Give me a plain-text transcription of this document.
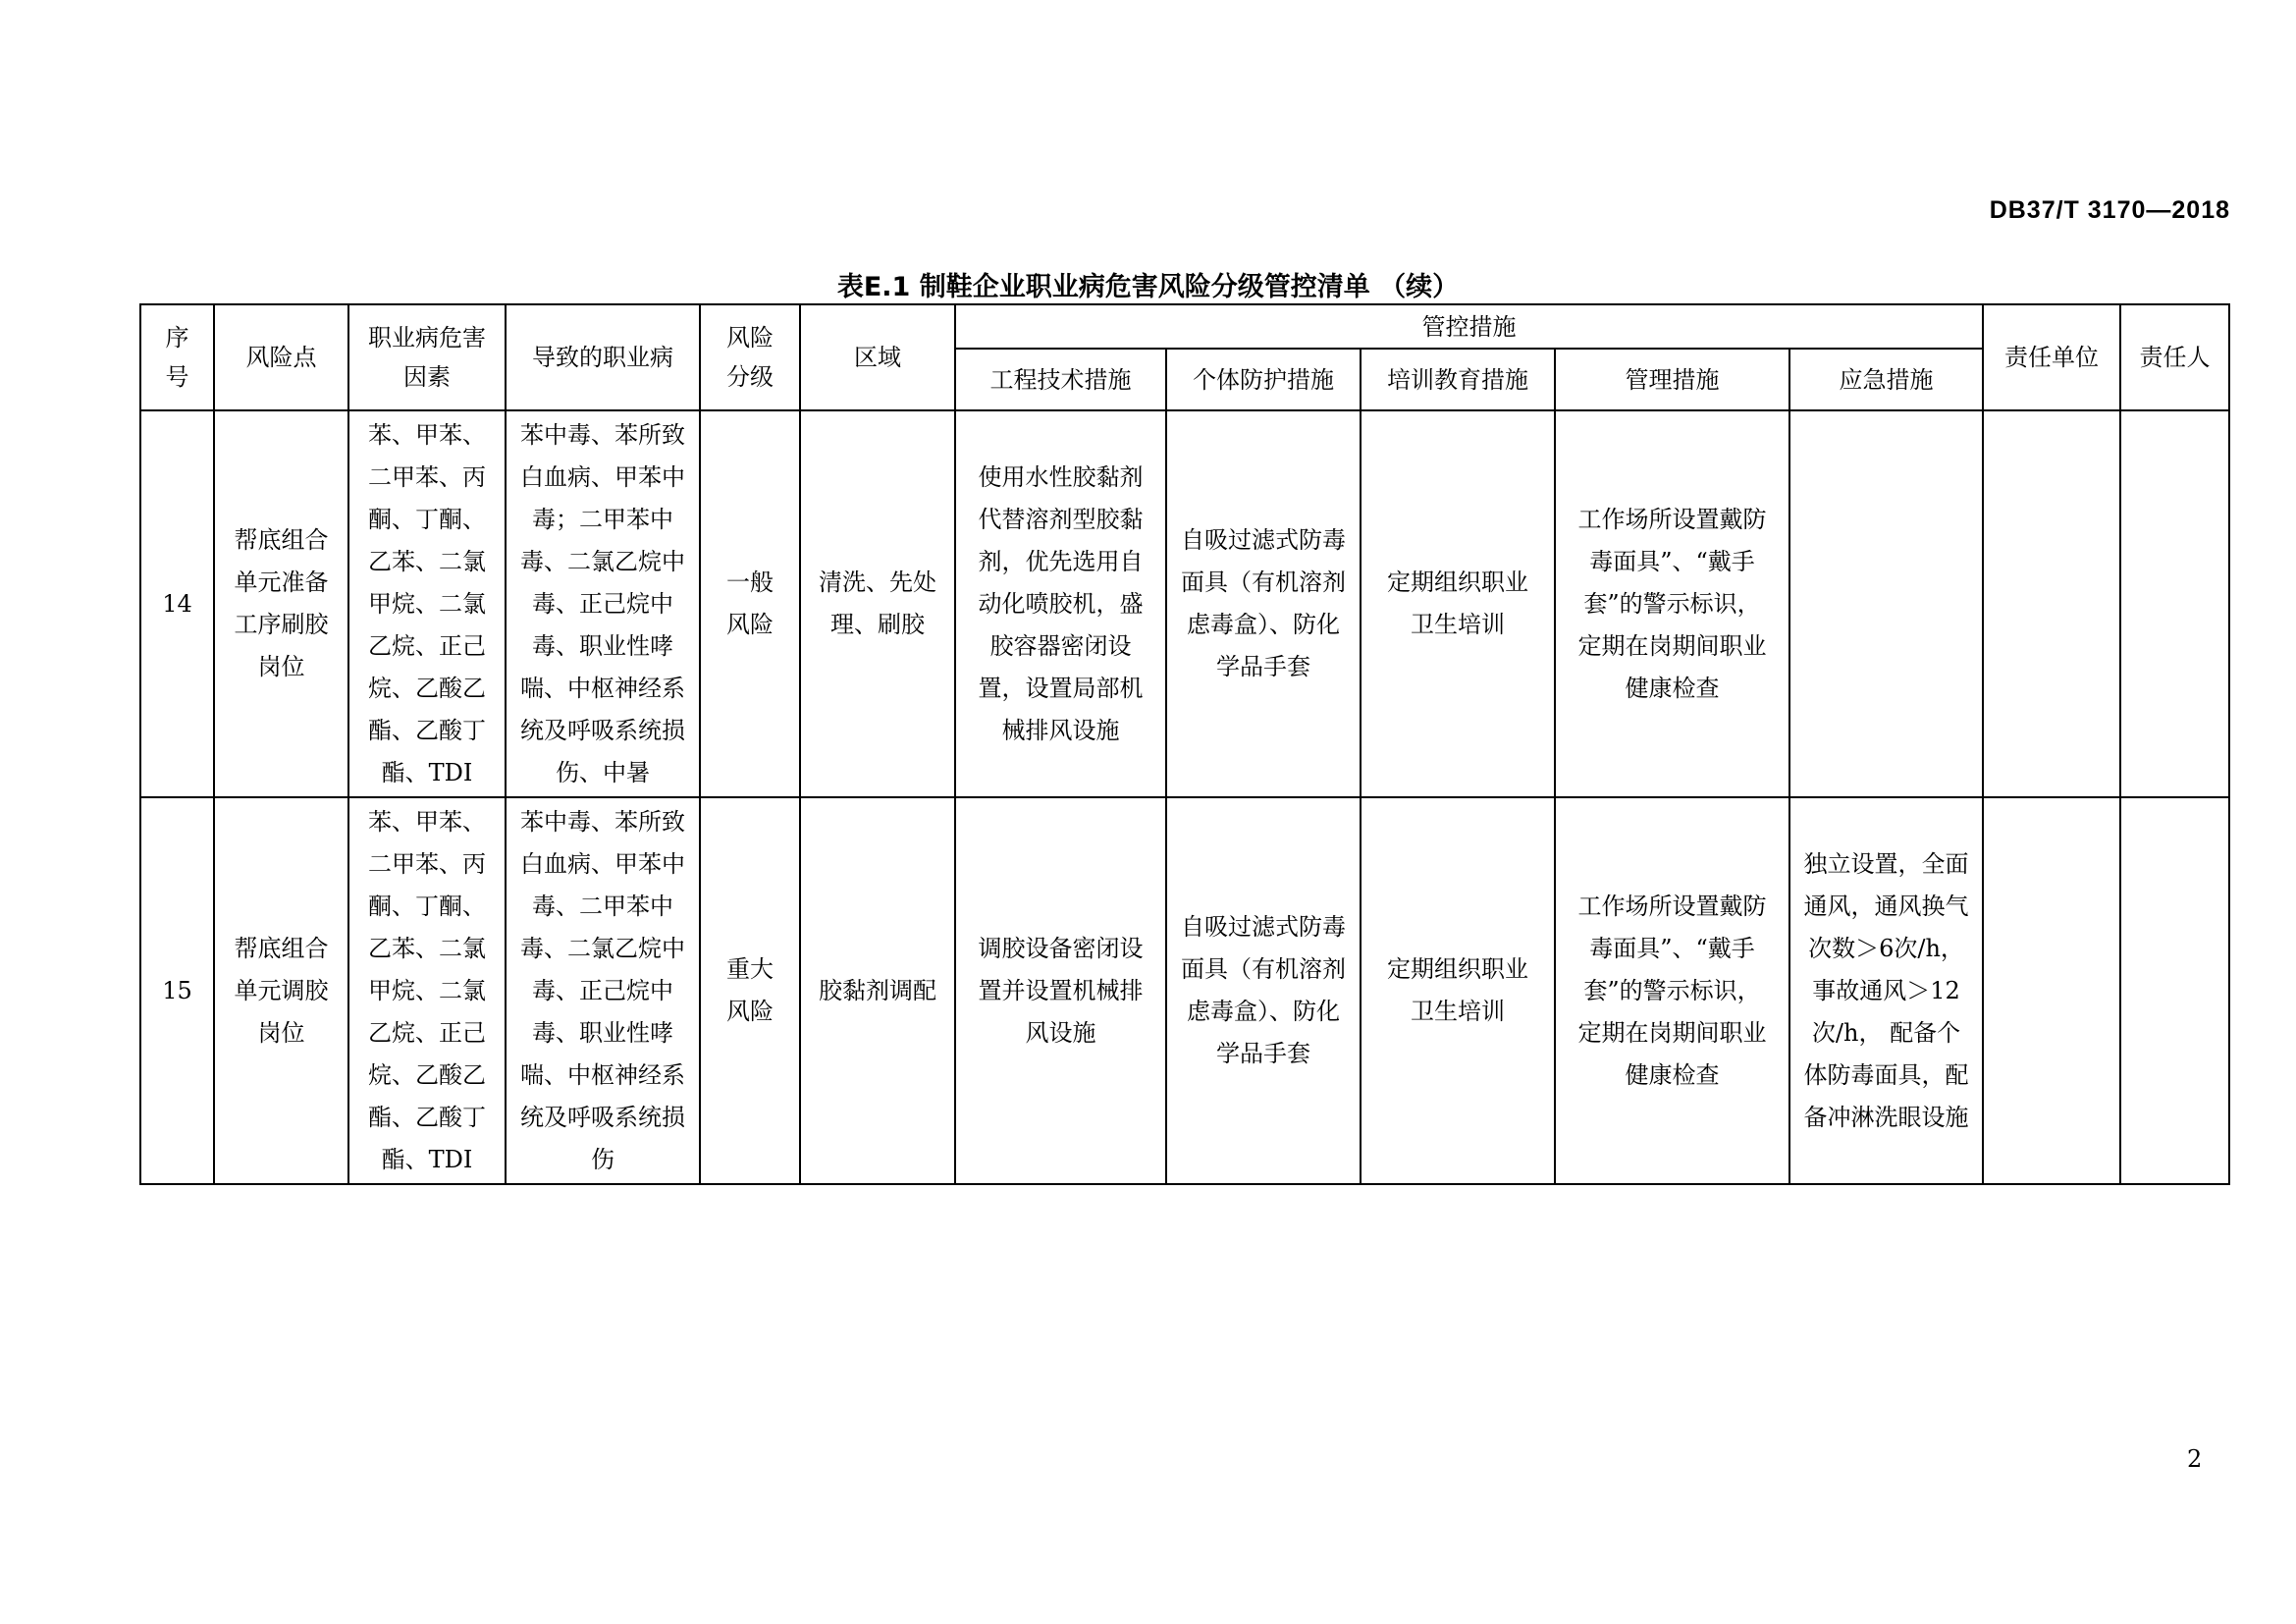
DB37/T 3170—2018
表E.1 制鞋企业职业病危害风险分级管控清单 （续）
序号	风险点	职业病危害因素	导致的职业病	风险分级	区域	管控措施					责任单位	责任人
						工程技术措施	个体防护措施	培训教育措施	管理措施	应急措施		
14	帮底组合单元准备工序刷胶岗位	苯、甲苯、二甲苯、丙酮、丁酮、乙苯、二氯甲烷、二氯乙烷、正己烷、乙酸乙酯、乙酸丁酯、TDI	苯中毒、苯所致白血病、甲苯中毒；二甲苯中毒、二氯乙烷中毒、正己烷中毒、职业性哮喘、中枢神经系统及呼吸系统损伤、中暑	一般风险	清洗、先处理、刷胶	使用水性胶黏剂代替溶剂型胶黏剂，优先选用自动化喷胶机，盛胶容器密闭设置，设置局部机械排风设施	自吸过滤式防毒面具（有机溶剂虑毒盒）、防化学品手套	定期组织职业卫生培训	工作场所设置戴防毒面具”、“戴手套”的警示标识，定期在岗期间职业健康检查			
15	帮底组合单元调胶岗位	苯、甲苯、二甲苯、丙酮、丁酮、乙苯、二氯甲烷、二氯乙烷、正己烷、乙酸乙酯、乙酸丁酯、TDI	苯中毒、苯所致白血病、甲苯中毒、二甲苯中毒、二氯乙烷中毒、正己烷中毒、职业性哮喘、中枢神经系统及呼吸系统损伤	重大风险	胶黏剂调配	调胶设备密闭设置并设置机械排风设施	自吸过滤式防毒面具（有机溶剂虑毒盒）、防化学品手套	定期组织职业卫生培训	工作场所设置戴防毒面具”、“戴手套”的警示标识，定期在岗期间职业健康检查	独立设置，全面通风，通风换气次数＞6次/h，事故通风＞12次/h， 配备个体防毒面具，配备冲淋洗眼设施		
2
